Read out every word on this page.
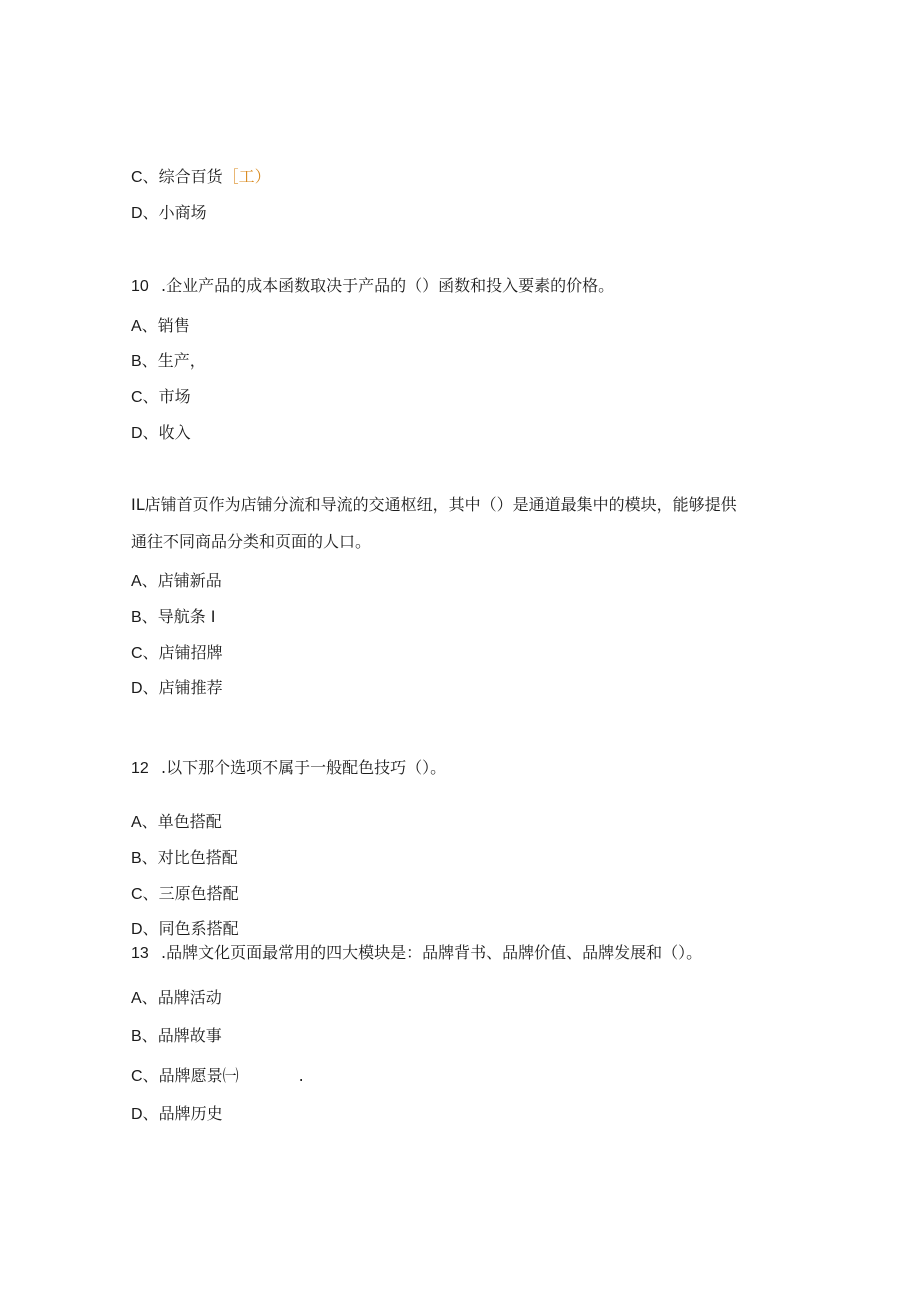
C、综合百货［工）
D、小商场
10 .企业产品的成本函数取决于产品的（）函数和投入要素的价格。
A、销售
B、生产，
C、市场
D、收入
IL店铺首页作为店铺分流和导流的交通枢纽，其中（）是通道最集中的模块，能够提供
通往不同商品分类和页面的人口。
A、店铺新品
B、导航条 I
C、店铺招牌
D、店铺推荐
12 .以下那个选项不属于一般配色技巧（）。
A、单色搭配
B、对比色搭配
C、三原色搭配
D、同色系搭配
13 .品牌文化页面最常用的四大模块是：品牌背书、品牌价值、品牌发展和（）。
A、品牌活动
B、品牌故事
C、品牌愿景㈠	.
D、品牌历史
